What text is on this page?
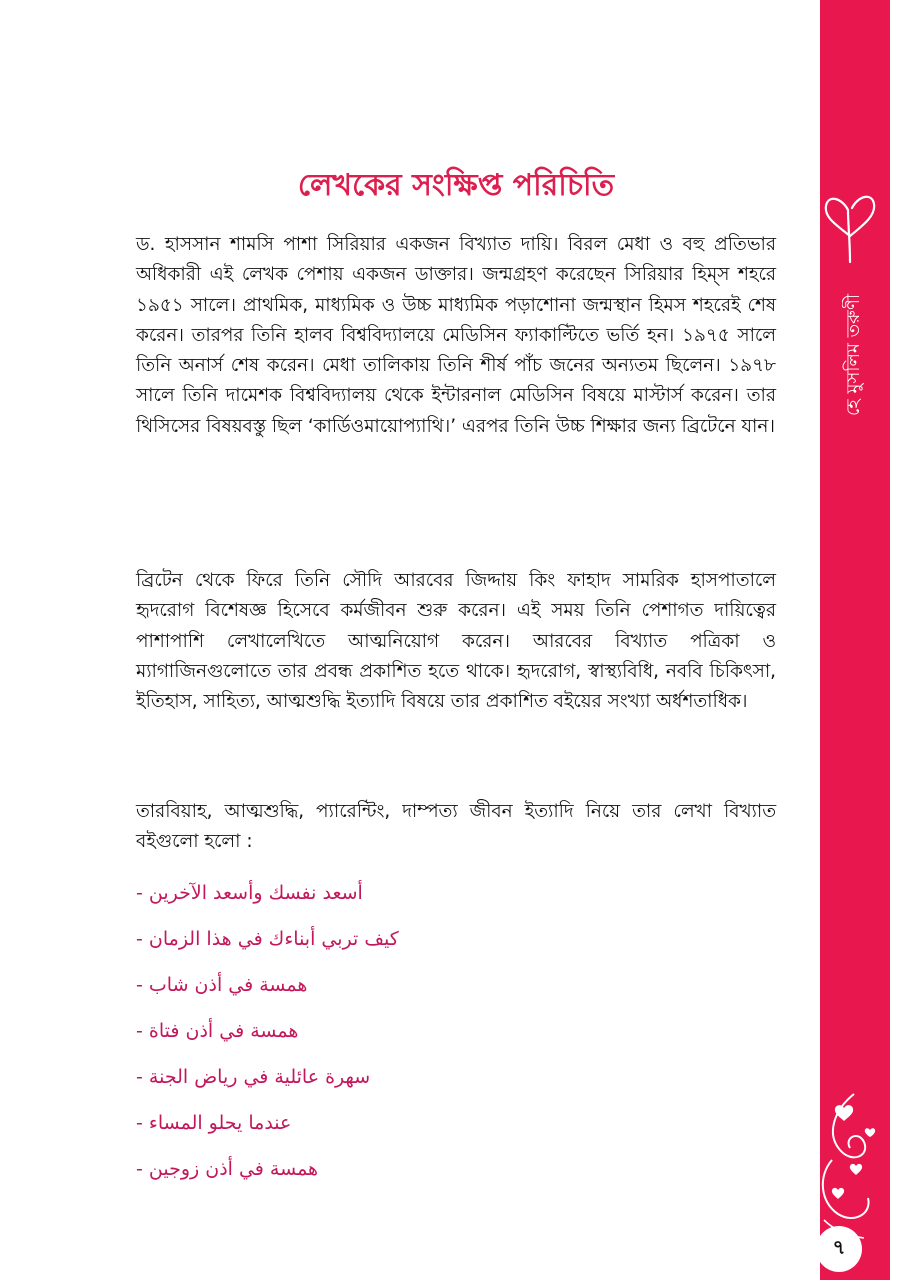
লেখকের সংক্ষিপ্ত পরিচিতি

ড. হাসসান শামসি পাশা সিরিয়ার একজন বিখ্যাত দায়ি। বিরল মেধা ও বহু প্রতিভার অধিকারী এই লেখক পেশায় একজন ডাক্তার। জন্মগ্রহণ করেছেন সিরিয়ার হিম্স শহরে ১৯৫১ সালে। প্রাথমিক, মাধ্যমিক ও উচ্চ মাধ্যমিক পড়াশোনা জন্মস্থান হিমস শহরেই শেষ করেন। তারপর তিনি হালব বিশ্ববিদ্যালয়ে মেডিসিন ফ্যাকাল্টিতে ভর্তি হন। ১৯৭৫ সালে তিনি অনার্স শেষ করেন। মেধা তালিকায় তিনি শীর্ষ পাঁচ জনের অন্যতম ছিলেন। ১৯৭৮ সালে তিনি দামেশক বিশ্ববিদ্যালয় থেকে ইন্টারনাল মেডিসিন বিষয়ে মাস্টার্স করেন। তার থিসিসের বিষয়বস্তু ছিল ‘কার্ডিওমায়োপ্যাথি।’ এরপর তিনি উচ্চ শিক্ষার জন্য ব্রিটেনে যান।

ব্রিটেন থেকে ফিরে তিনি সৌদি আরবের জিদ্দায় কিং ফাহাদ সামরিক হাসপাতালে হৃদরোগ বিশেষজ্ঞ হিসেবে কর্মজীবন শুরু করেন। এই সময় তিনি পেশাগত দায়িত্বের পাশাপাশি লেখালেখিতে আত্মনিয়োগ করেন। আরবের বিখ্যাত পত্রিকা ও ম্যাগাজিনগুলোতে তার প্রবন্ধ প্রকাশিত হতে থাকে। হৃদরোগ, স্বাস্থ্যবিধি, নববি চিকিৎসা, ইতিহাস, সাহিত্য, আত্মশুদ্ধি ইত্যাদি বিষয়ে তার প্রকাশিত বইয়ের সংখ্যা অর্ধশতাধিক।

তারবিয়াহ, আত্মশুদ্ধি, প্যারেন্টিং, দাম্পত্য জীবন ইত্যাদি নিয়ে তার লেখা বিখ্যাত বইগুলো হলো :

- أسعد نفسك وأسعد الآخرين
- كيف تربي أبناءك في هذا الزمان
- همسة في أذن شاب
- همسة في أذن فتاة
- سهرة عائلية في رياض الجنة
- عندما يحلو المساء
- همسة في أذن زوجين
হে মুসলিম তরুণী
৭
